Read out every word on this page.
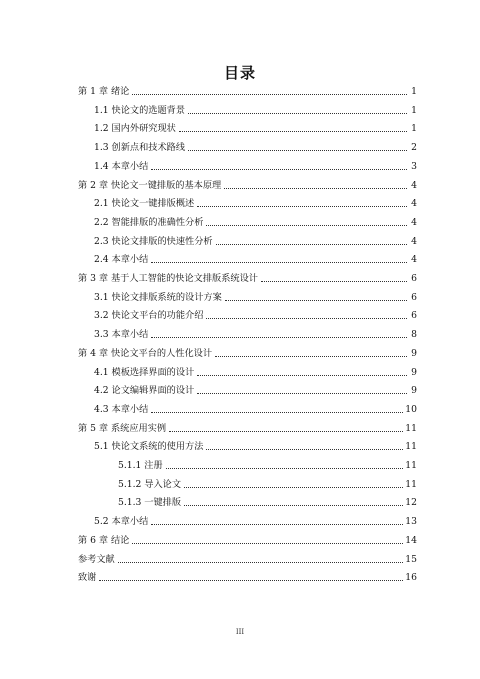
目录
第 1 章 绪论	1
1.1 快论文的选题背景	1
1.2 国内外研究现状	1
1.3 创新点和技术路线	2
1.4 本章小结	3
第 2 章 快论文一键排版的基本原理	4
2.1 快论文一键排版概述	4
2.2 智能排版的准确性分析	4
2.3 快论文排版的快速性分析	4
2.4 本章小结	4
第 3 章 基于人工智能的快论文排版系统设计	6
3.1 快论文排版系统的设计方案	6
3.2 快论文平台的功能介绍	6
3.3 本章小结	8
第 4 章 快论文平台的人性化设计	9
4.1 模板选择界面的设计	9
4.2 论文编辑界面的设计	9
4.3 本章小结	10
第 5 章 系统应用实例	11
5.1 快论文系统的使用方法	11
5.1.1 注册	11
5.1.2 导入论文	11
5.1.3 一键排版	12
5.2 本章小结	13
第 6 章 结论	14
参考文献	15
致谢	16
III
